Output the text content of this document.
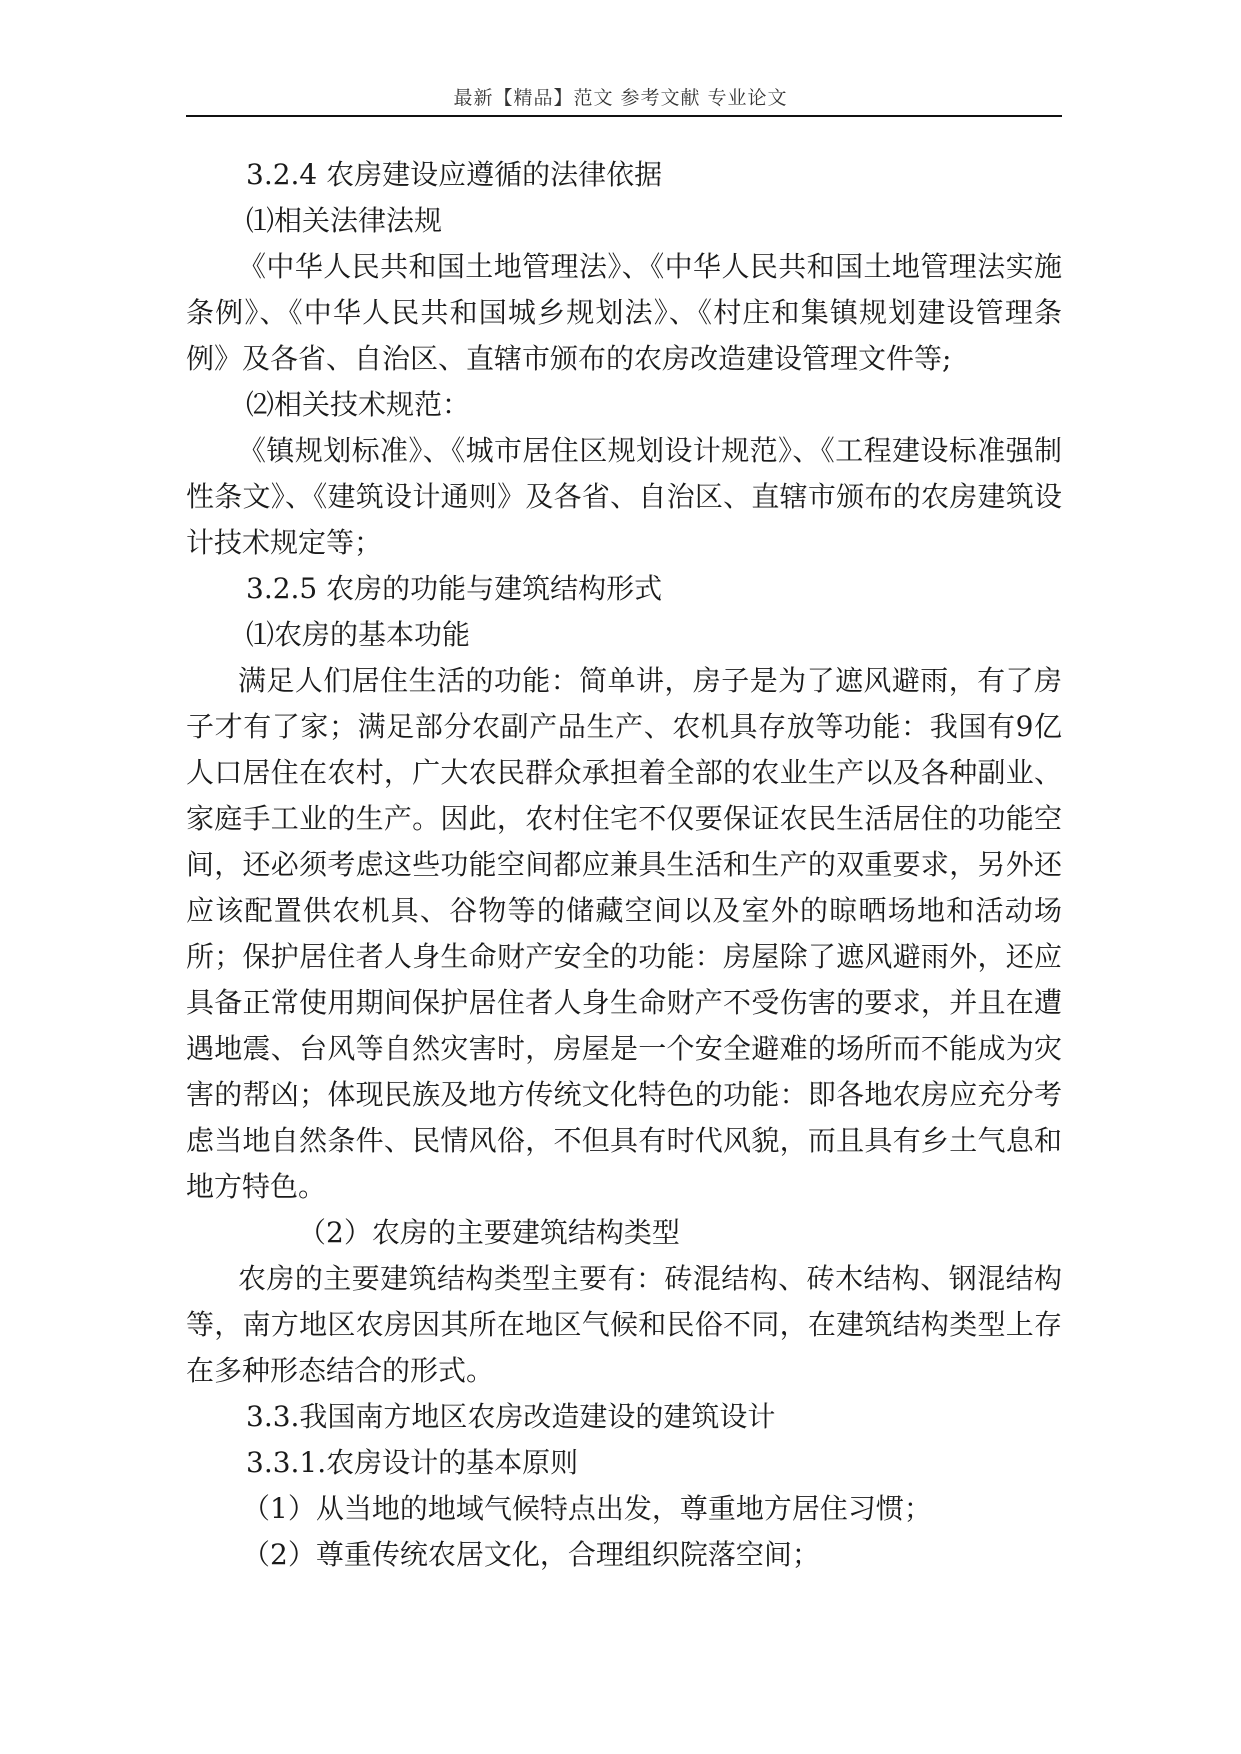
最新【精品】范文 参考文献 专业论文

3.2.4 农房建设应遵循的法律依据

⑴相关法律法规

《中华人民共和国土地管理法》、《中华人民共和国土地管理法实施条例》、《中华人民共和国城乡规划法》、《村庄和集镇规划建设管理条例》及各省、自治区、直辖市颁布的农房改造建设管理文件等;

⑵相关技术规范：

《镇规划标准》、《城市居住区规划设计规范》、《工程建设标准强制性条文》、《建筑设计通则》及各省、自治区、直辖市颁布的农房建筑设计技术规定等；

3.2.5 农房的功能与建筑结构形式

⑴农房的基本功能

满足人们居住生活的功能：简单讲，房子是为了遮风避雨，有了房子才有了家；满足部分农副产品生产、农机具存放等功能：我国有9亿人口居住在农村，广大农民群众承担着全部的农业生产以及各种副业、家庭手工业的生产。因此，农村住宅不仅要保证农民生活居住的功能空间，还必须考虑这些功能空间都应兼具生活和生产的双重要求，另外还应该配置供农机具、谷物等的储藏空间以及室外的晾晒场地和活动场所；保护居住者人身生命财产安全的功能：房屋除了遮风避雨外，还应具备正常使用期间保护居住者人身生命财产不受伤害的要求，并且在遭遇地震、台风等自然灾害时，房屋是一个安全避难的场所而不能成为灾害的帮凶；体现民族及地方传统文化特色的功能：即各地农房应充分考虑当地自然条件、民情风俗，不但具有时代风貌，而且具有乡土气息和地方特色。

（2）农房的主要建筑结构类型

农房的主要建筑结构类型主要有：砖混结构、砖木结构、钢混结构等，南方地区农房因其所在地区气候和民俗不同，在建筑结构类型上存在多种形态结合的形式。

3.3.我国南方地区农房改造建设的建筑设计

3.3.1.农房设计的基本原则

（1）从当地的地域气候特点出发，尊重地方居住习惯；

（2）尊重传统农居文化，合理组织院落空间；
